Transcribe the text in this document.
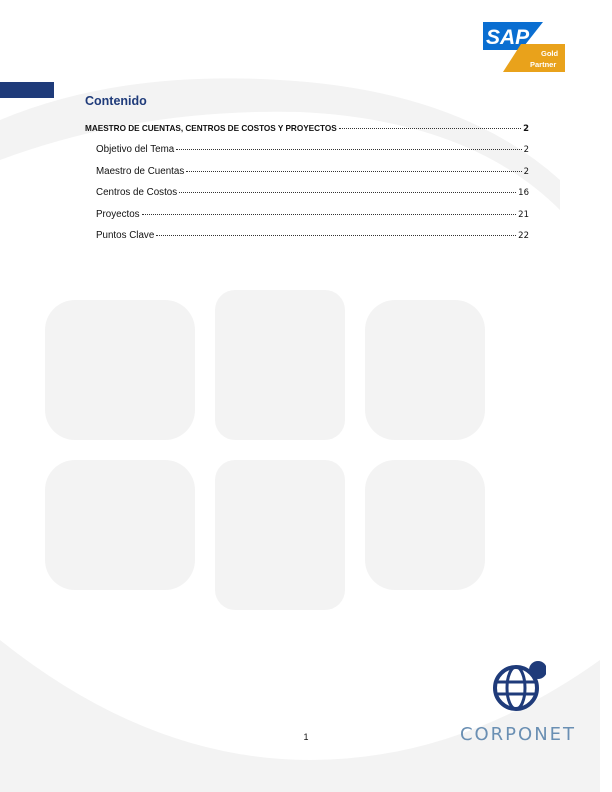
SAP
Gold
Partner
Contenido
MAESTRO DE CUENTAS, CENTROS DE COSTOS Y PROYECTOS	2
Objetivo del Tema	2
Maestro de Cuentas	2
Centros de Costos	16
Proyectos	21
Puntos Clave	22
1	CORPONET
